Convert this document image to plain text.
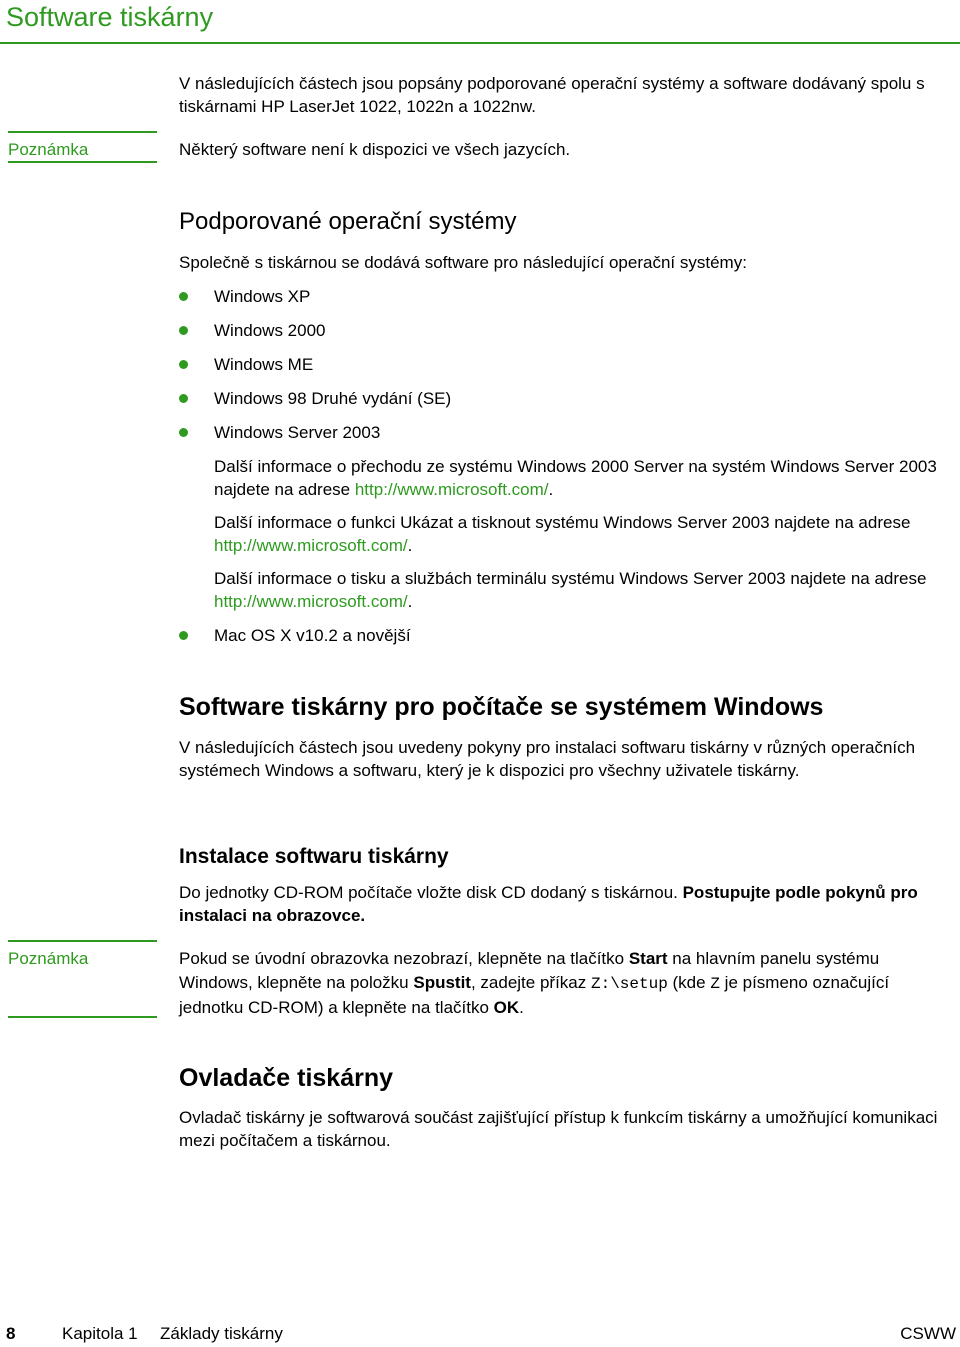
Software tiskárny
V následujících částech jsou popsány podporované operační systémy a software dodávaný spolu s tiskárnami HP LaserJet 1022, 1022n a 1022nw.
Poznámka	Některý software není k dispozici ve všech jazycích.
Podporované operační systémy
Společně s tiskárnou se dodává software pro následující operační systémy:
Windows XP
Windows 2000
Windows ME
Windows 98 Druhé vydání (SE)
Windows Server 2003
Další informace o přechodu ze systému Windows 2000 Server na systém Windows Server 2003 najdete na adrese http://www.microsoft.com/.
Další informace o funkci Ukázat a tisknout systému Windows Server 2003 najdete na adrese http://www.microsoft.com/.
Další informace o tisku a službách terminálu systému Windows Server 2003 najdete na adrese http://www.microsoft.com/.
Mac OS X v10.2 a novější
Software tiskárny pro počítače se systémem Windows
V následujících částech jsou uvedeny pokyny pro instalaci softwaru tiskárny v různých operačních systémech Windows a softwaru, který je k dispozici pro všechny uživatele tiskárny.
Instalace softwaru tiskárny
Do jednotky CD-ROM počítače vložte disk CD dodaný s tiskárnou. Postupujte podle pokynů pro instalaci na obrazovce.
Poznámka	Pokud se úvodní obrazovka nezobrazí, klepněte na tlačítko Start na hlavním panelu systému Windows, klepněte na položku Spustit, zadejte příkaz Z:\setup (kde Z je písmeno označující jednotku CD-ROM) a klepněte na tlačítko OK.
Ovladače tiskárny
Ovladač tiskárny je softwarová součást zajišťující přístup k funkcím tiskárny a umožňující komunikaci mezi počítačem a tiskárnou.
8	Kapitola 1 Základy tiskárny	CSWW
